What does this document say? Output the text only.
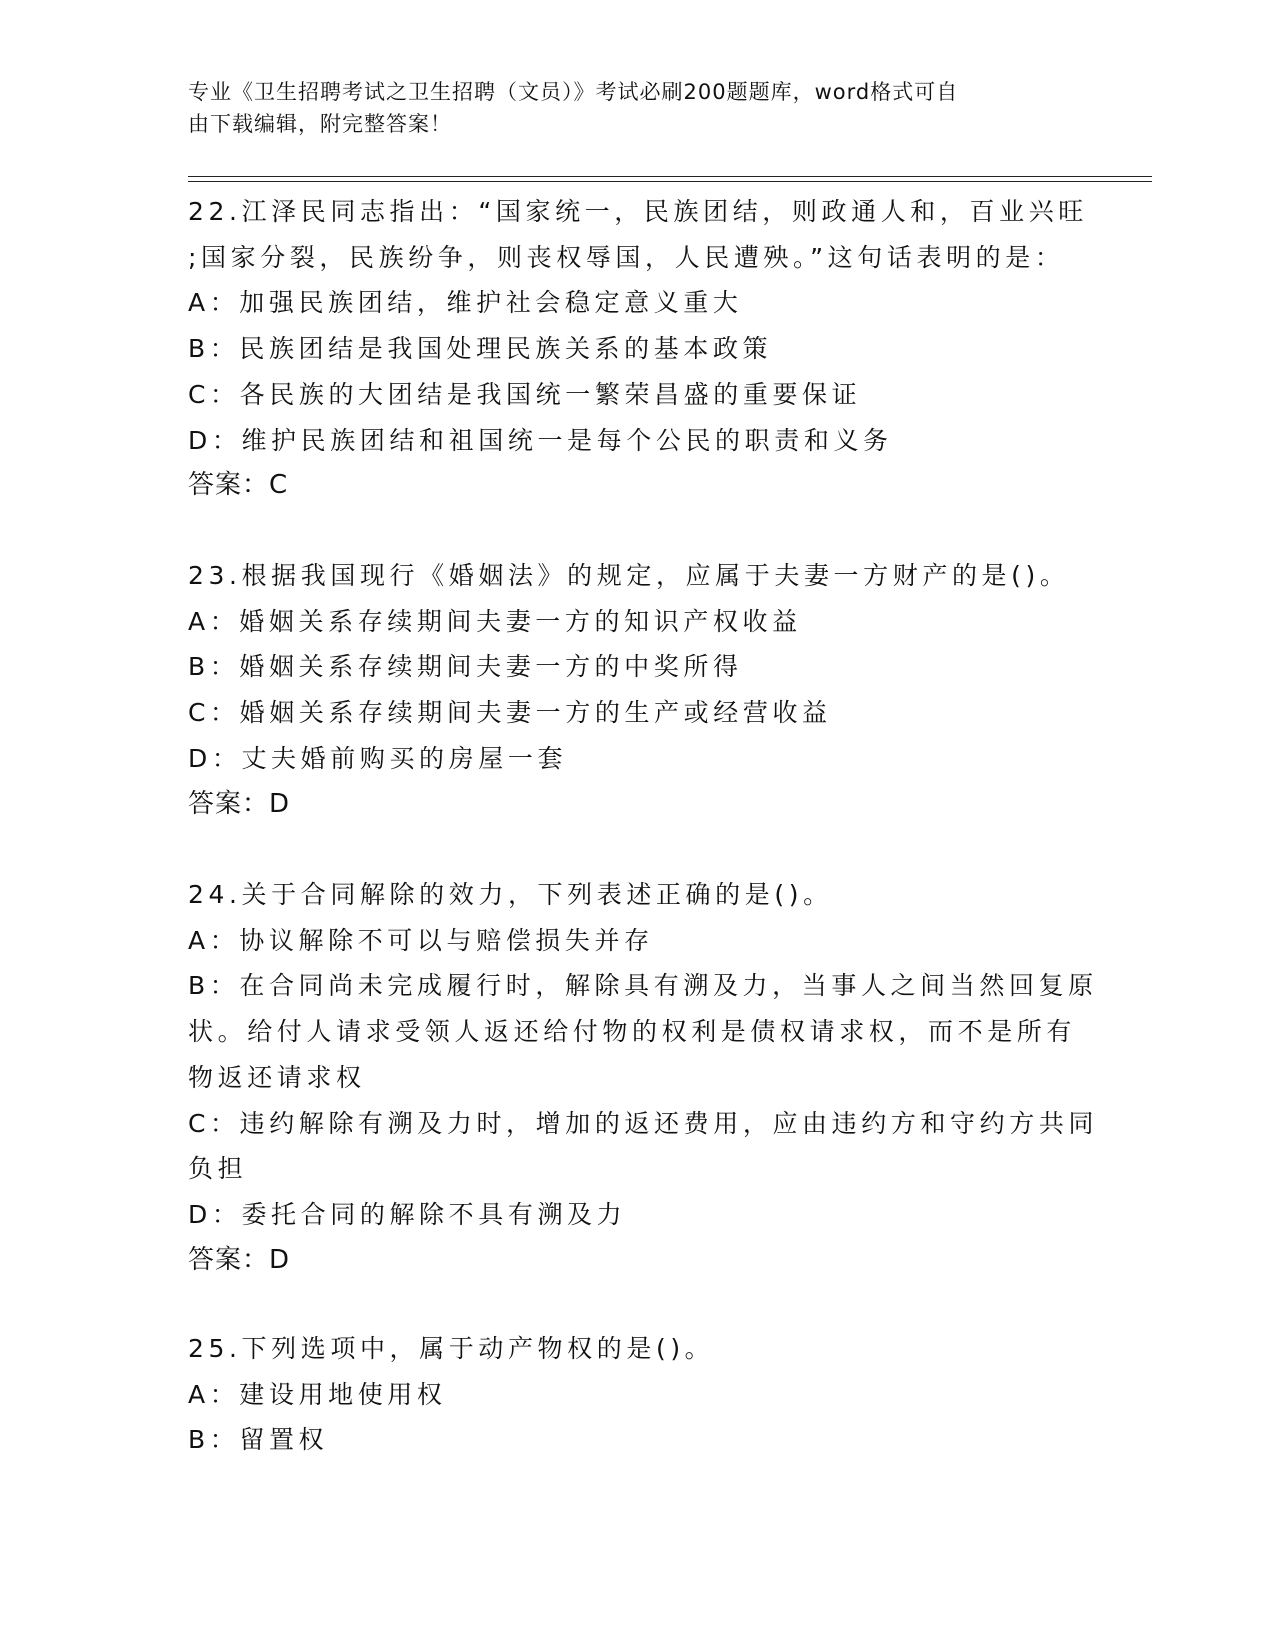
专业《卫生招聘考试之卫生招聘（文员）》考试必刷200题题库，word格式可自
由下载编辑，附完整答案！
22.江泽民同志指出：“国家统一，民族团结，则政通人和，百业兴旺
;国家分裂，民族纷争，则丧权辱国，人民遭殃。”这句话表明的是：
A：加强民族团结，维护社会稳定意义重大
B：民族团结是我国处理民族关系的基本政策
C：各民族的大团结是我国统一繁荣昌盛的重要保证
D：维护民族团结和祖国统一是每个公民的职责和义务
答案：C
23.根据我国现行《婚姻法》的规定，应属于夫妻一方财产的是()。
A：婚姻关系存续期间夫妻一方的知识产权收益
B：婚姻关系存续期间夫妻一方的中奖所得
C：婚姻关系存续期间夫妻一方的生产或经营收益
D：丈夫婚前购买的房屋一套
答案：D
24.关于合同解除的效力，下列表述正确的是()。
A：协议解除不可以与赔偿损失并存
B：在合同尚未完成履行时，解除具有溯及力，当事人之间当然回复原
状。给付人请求受领人返还给付物的权利是债权请求权，而不是所有
物返还请求权
C：违约解除有溯及力时，增加的返还费用，应由违约方和守约方共同
负担
D：委托合同的解除不具有溯及力
答案：D
25.下列选项中，属于动产物权的是()。
A：建设用地使用权
B：留置权
